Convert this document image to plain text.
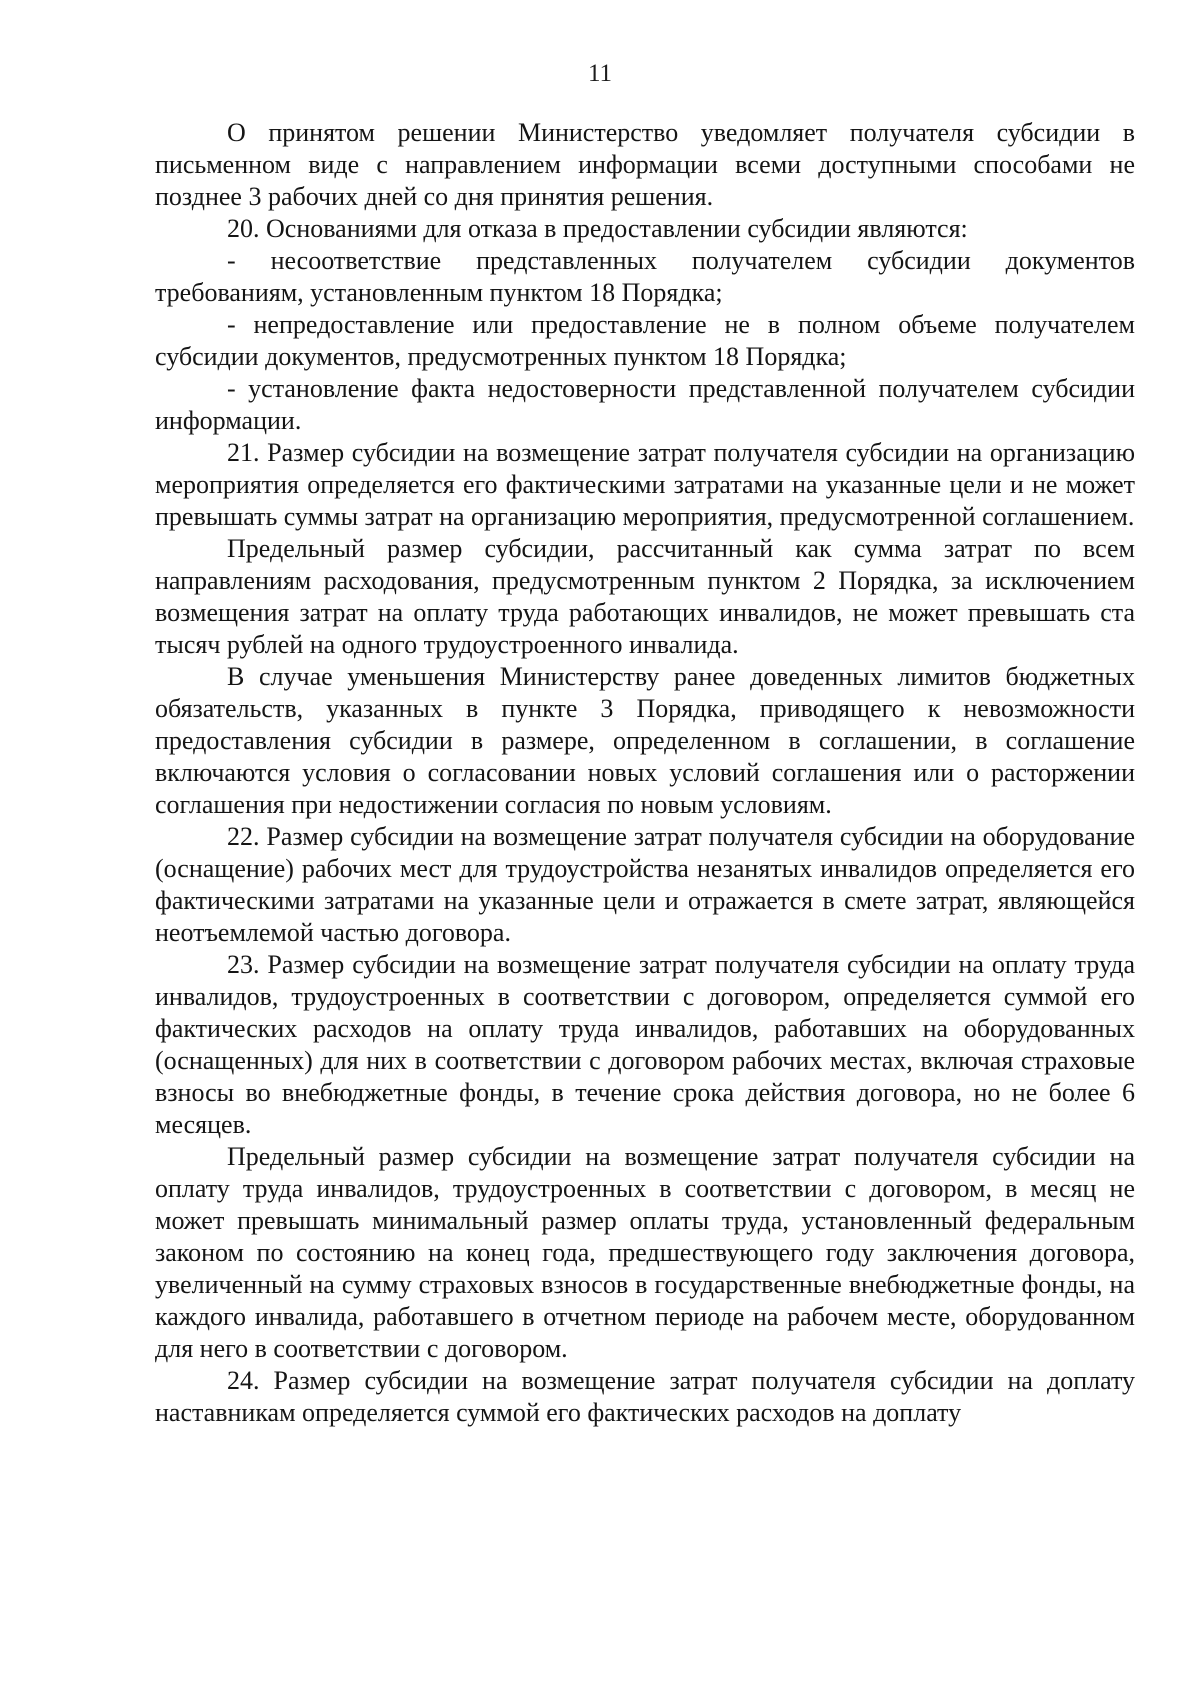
11

О принятом решении Министерство уведомляет получателя субсидии в письменном виде с направлением информации всеми доступными способами не позднее 3 рабочих дней со дня принятия решения.

20. Основаниями для отказа в предоставлении субсидии являются:

- несоответствие представленных получателем субсидии документов требованиям, установленным пунктом 18 Порядка;

- непредоставление или предоставление не в полном объеме получателем субсидии документов, предусмотренных пунктом 18 Порядка;

- установление факта недостоверности представленной получателем субсидии информации.

21. Размер субсидии на возмещение затрат получателя субсидии на организацию мероприятия определяется его фактическими затратами на указанные цели и не может превышать суммы затрат на организацию мероприятия, предусмотренной соглашением.

Предельный размер субсидии, рассчитанный как сумма затрат по всем направлениям расходования, предусмотренным пунктом 2 Порядка, за исключением возмещения затрат на оплату труда работающих инвалидов, не может превышать ста тысяч рублей на одного трудоустроенного инвалида.

В случае уменьшения Министерству ранее доведенных лимитов бюджетных обязательств, указанных в пункте 3 Порядка, приводящего к невозможности предоставления субсидии в размере, определенном в соглашении, в соглашение включаются условия о согласовании новых условий соглашения или о расторжении соглашения при недостижении согласия по новым условиям.

22. Размер субсидии на возмещение затрат получателя субсидии на оборудование (оснащение) рабочих мест для трудоустройства незанятых инвалидов определяется его фактическими затратами на указанные цели и отражается в смете затрат, являющейся неотъемлемой частью договора.

23. Размер субсидии на возмещение затрат получателя субсидии на оплату труда инвалидов, трудоустроенных в соответствии с договором, определяется суммой его фактических расходов на оплату труда инвалидов, работавших на оборудованных (оснащенных) для них в соответствии с договором рабочих местах, включая страховые взносы во внебюджетные фонды, в течение срока действия договора, но не более 6 месяцев.

Предельный размер субсидии на возмещение затрат получателя субсидии на оплату труда инвалидов, трудоустроенных в соответствии с договором, в месяц не может превышать минимальный размер оплаты труда, установленный федеральным законом по состоянию на конец года, предшествующего году заключения договора, увеличенный на сумму страховых взносов в государственные внебюджетные фонды, на каждого инвалида, работавшего в отчетном периоде на рабочем месте, оборудованном для него в соответствии с договором.

24. Размер субсидии на возмещение затрат получателя субсидии на доплату наставникам определяется суммой его фактических расходов на доплату
